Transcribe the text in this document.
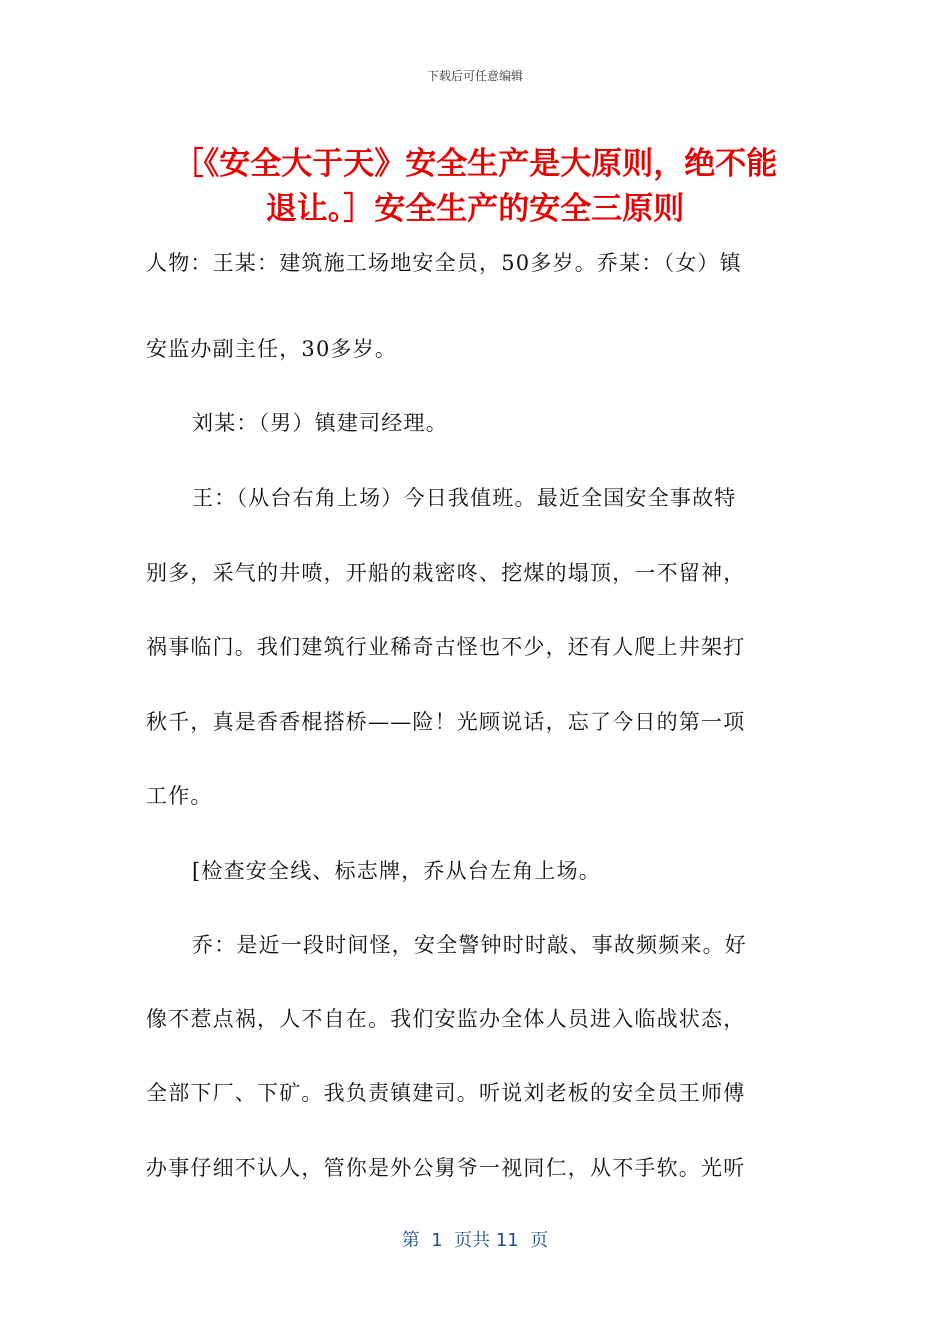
下载后可任意编辑
［《安全大于天》安全生产是大原则，绝不能
退让。］安全生产的安全三原则
人物：王某：建筑施工场地安全员，50多岁。乔某：（女）镇
安监办副主任，30多岁。
刘某：（男）镇建司经理。
王：（从台右角上场）今日我值班。最近全国安全事故特
别多，采气的井喷，开船的栽密咚、挖煤的塌顶，一不留神，
祸事临门。我们建筑行业稀奇古怪也不少，还有人爬上井架打
秋千，真是香香棍搭桥——险！光顾说话，忘了今日的第一项
工作。
[检查安全线、标志牌，乔从台左角上场。
乔：是近一段时间怪，安全警钟时时敲、事故频频来。好
像不惹点祸，人不自在。我们安监办全体人员进入临战状态，
全部下厂、下矿。我负责镇建司。听说刘老板的安全员王师傅
办事仔细不认人，管你是外公舅爷一视同仁，从不手软。光听
第  1  页共 11  页
